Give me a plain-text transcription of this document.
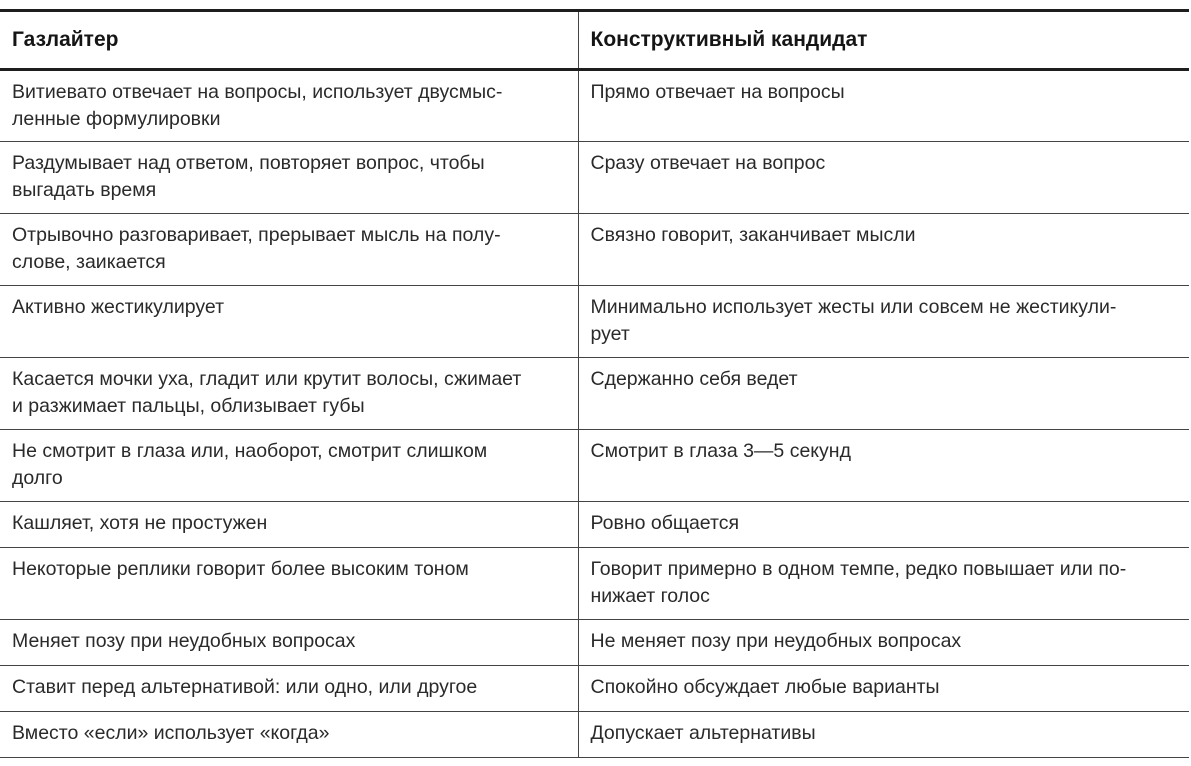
Газлайтер	Конструктивный кандидат
Витиевато отвечает на вопросы, использует двусмыс-
ленные формулировки	Прямо отвечает на вопросы
Раздумывает над ответом, повторяет вопрос, чтобы
выгадать время	Сразу отвечает на вопрос
Отрывочно разговаривает, прерывает мысль на полу-
слове, заикается	Связно говорит, заканчивает мысли
Активно жестикулирует	Минимально использует жесты или совсем не жестикули-
рует
Касается мочки уха, гладит или крутит волосы, сжимает
и разжимает пальцы, облизывает губы	Сдержанно себя ведет
Не смотрит в глаза или, наоборот, смотрит слишком
долго	Смотрит в глаза 3—5 секунд
Кашляет, хотя не простужен	Ровно общается
Некоторые реплики говорит более высоким тоном	Говорит примерно в одном темпе, редко повышает или по-
нижает голос
Меняет позу при неудобных вопросах	Не меняет позу при неудобных вопросах
Ставит перед альтернативой: или одно, или другое	Спокойно обсуждает любые варианты
Вместо «если» использует «когда»	Допускает альтернативы
